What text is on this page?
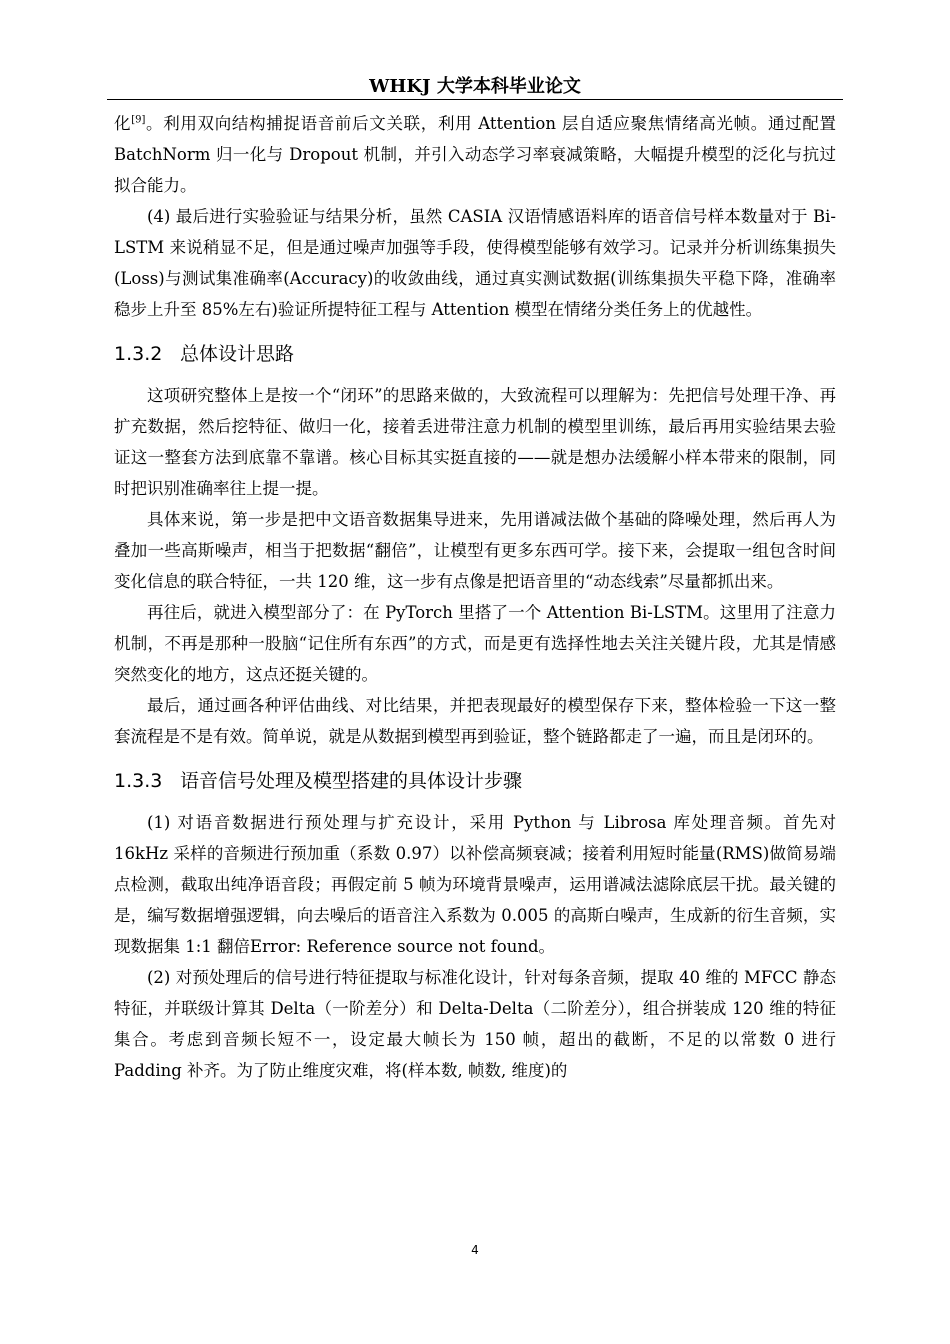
WHKJ 大学本科毕业论文

化[9]。利用双向结构捕捉语音前后文关联，利用 Attention 层自适应聚焦情绪高光帧。通过配置 BatchNorm 归一化与 Dropout 机制，并引入动态学习率衰减策略，大幅提升模型的泛化与抗过拟合能力。

(4) 最后进行实验验证与结果分析，虽然 CASIA 汉语情感语料库的语音信号样本数量对于 Bi-LSTM 来说稍显不足，但是通过噪声加强等手段，使得模型能够有效学习。记录并分析训练集损失(Loss)与测试集准确率(Accuracy)的收敛曲线，通过真实测试数据(训练集损失平稳下降，准确率稳步上升至 85%左右)验证所提特征工程与 Attention 模型在情绪分类任务上的优越性。

1.3.2 总体设计思路

这项研究整体上是按一个“闭环”的思路来做的，大致流程可以理解为：先把信号处理干净、再扩充数据，然后挖特征、做归一化，接着丢进带注意力机制的模型里训练，最后再用实验结果去验证这一整套方法到底靠不靠谱。核心目标其实挺直接的——就是想办法缓解小样本带来的限制，同时把识别准确率往上提一提。

具体来说，第一步是把中文语音数据集导进来，先用谱减法做个基础的降噪处理，然后再人为叠加一些高斯噪声，相当于把数据“翻倍”，让模型有更多东西可学。接下来，会提取一组包含时间变化信息的联合特征，一共 120 维，这一步有点像是把语音里的“动态线索”尽量都抓出来。

再往后，就进入模型部分了：在 PyTorch 里搭了一个 Attention Bi-LSTM。这里用了注意力机制，不再是那种一股脑“记住所有东西”的方式，而是更有选择性地去关注关键片段，尤其是情感突然变化的地方，这点还挺关键的。

最后，通过画各种评估曲线、对比结果，并把表现最好的模型保存下来，整体检验一下这一整套流程是不是有效。简单说，就是从数据到模型再到验证，整个链路都走了一遍，而且是闭环的。

1.3.3 语音信号处理及模型搭建的具体设计步骤

(1) 对语音数据进行预处理与扩充设计，采用 Python 与 Librosa 库处理音频。首先对 16kHz 采样的音频进行预加重（系数 0.97）以补偿高频衰减；接着利用短时能量(RMS)做简易端点检测，截取出纯净语音段；再假定前 5 帧为环境背景噪声，运用谱减法滤除底层干扰。最关键的是，编写数据增强逻辑，向去噪后的语音注入系数为 0.005 的高斯白噪声，生成新的衍生音频，实现数据集 1:1 翻倍Error: Reference source not found。

(2) 对预处理后的信号进行特征提取与标准化设计，针对每条音频，提取 40 维的 MFCC 静态特征，并联级计算其 Delta（一阶差分）和 Delta-Delta（二阶差分），组合拼装成 120 维的特征集合。考虑到音频长短不一，设定最大帧长为 150 帧，超出的截断，不足的以常数 0 进行 Padding 补齐。为了防止维度灾难，将(样本数, 帧数, 维度)的

4
